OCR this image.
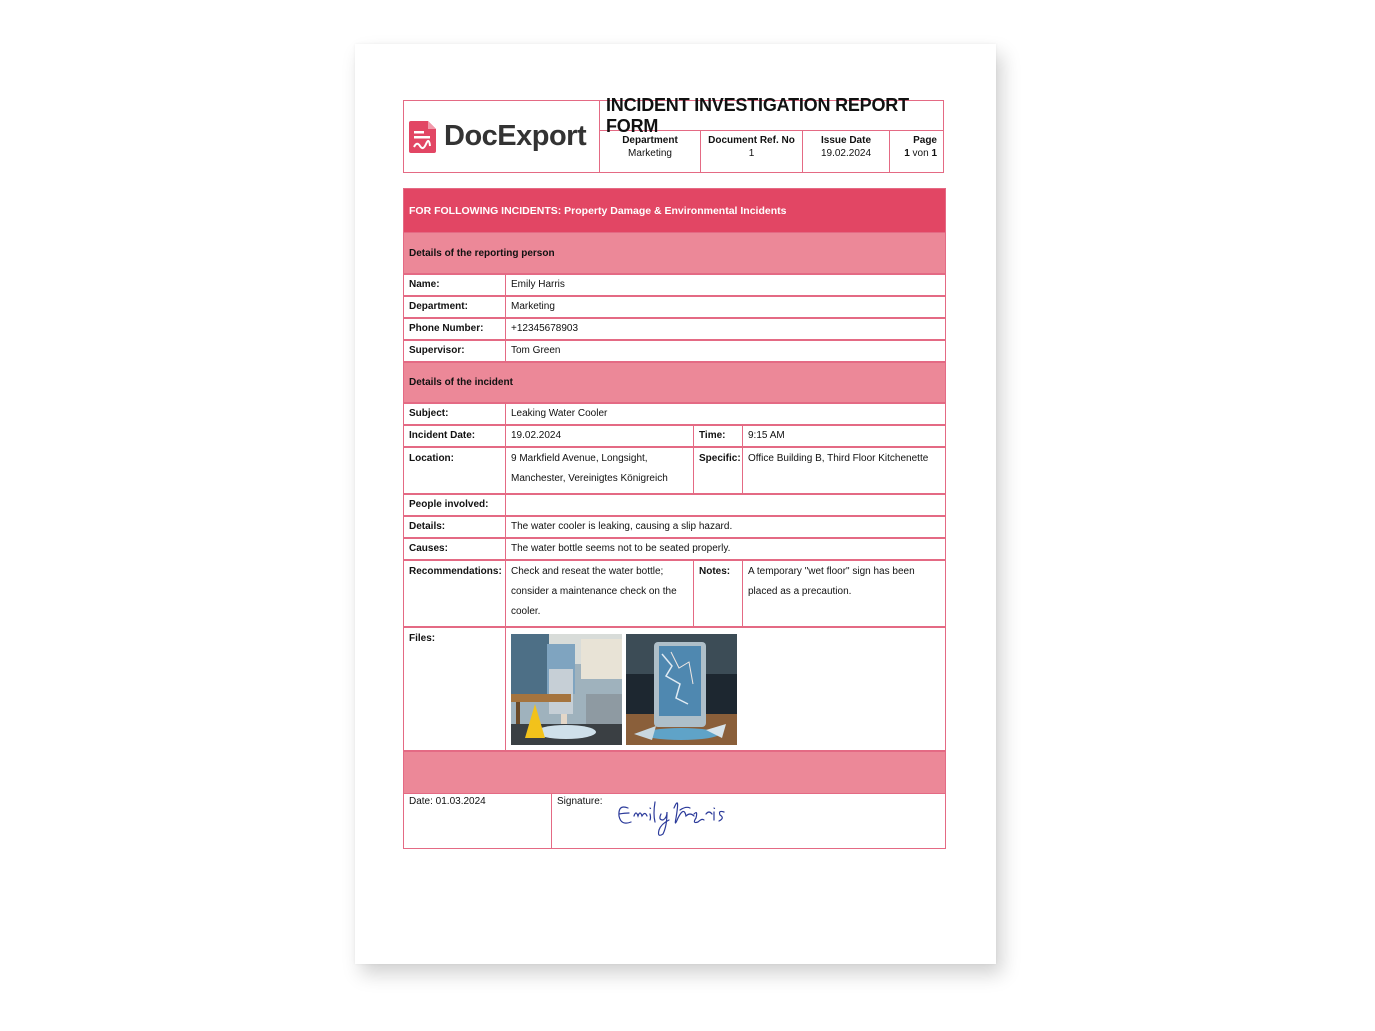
DocExport
INCIDENT INVESTIGATION REPORT FORM
Department
Marketing
Document Ref. No
1
Issue Date
19.02.2024
Page
1 von 1
FOR FOLLOWING INCIDENTS: Property Damage & Environmental Incidents
Details of the reporting person
Name:	Emily Harris
Department:	Marketing
Phone Number:	+12345678903
Supervisor:	Tom Green
Details of the incident
Subject:	Leaking Water Cooler
Incident Date:	19.02.2024	Time:	9:15 AM
Location:	9 Markfield Avenue, Longsight,
Manchester, Vereinigtes Königreich
Specific: Office Building B, Third Floor Kitchenette
People involved:
Details:	The water cooler is leaking, causing a slip hazard.
Causes:	The water bottle seems not to be seated properly.
Recommendations: Check and reseat the water bottle;
consider a maintenance check on the
cooler.
Notes:	A temporary "wet floor" sign has been
placed as a precaution.
Files:
Date: 01.03.2024	Signature:
